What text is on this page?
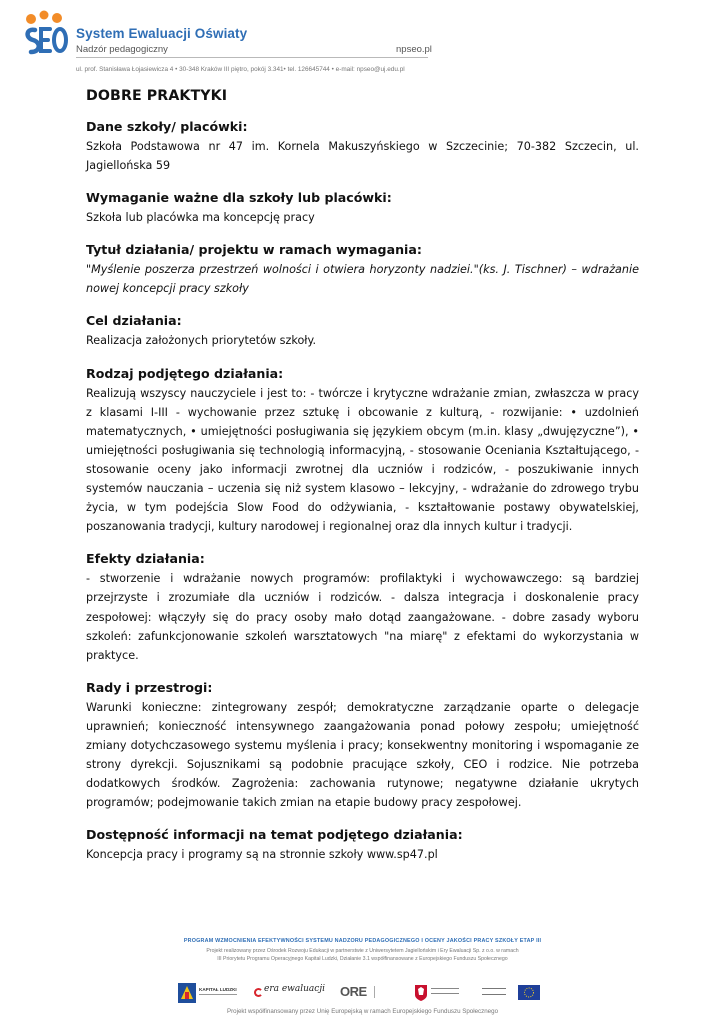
System Ewaluacji Oświaty
Nadzór pedagogiczny	npseo.pl
ul. prof. Stanisława Łojasiewicza 4 • 30-348 Kraków III piętro, pokój 3.341• tel. 126645744 • e-mail: npseo@uj.edu.pl
DOBRE PRAKTYKI
Dane szkoły/ placówki:
Szkoła Podstawowa nr 47 im. Kornela Makuszyńskiego w Szczecinie; 70-382 Szczecin, ul. Jagiellońska 59
Wymaganie ważne dla szkoły lub placówki:
Szkoła lub placówka ma koncepcję pracy
Tytuł działania/ projektu w ramach wymagania:
"Myślenie poszerza przestrzeń wolności i otwiera horyzonty nadziei."(ks. J. Tischner) – wdrażanie nowej koncepcji pracy szkoły
Cel działania:
Realizacja założonych priorytetów szkoły.
Rodzaj podjętego działania:
Realizują wszyscy nauczyciele i jest to: - twórcze i krytyczne wdrażanie zmian, zwłaszcza w pracy z klasami I-III - wychowanie przez sztukę i obcowanie z kulturą, - rozwijanie: • uzdolnień matematycznych, • umiejętności posługiwania się językiem obcym (m.in. klasy „dwujęzyczne”), • umiejętności posługiwania się technologią informacyjną, - stosowanie Oceniania Kształtującego, - stosowanie oceny jako informacji zwrotnej dla uczniów i rodziców, - poszukiwanie innych systemów nauczania – uczenia się niż system klasowo – lekcyjny, - wdrażanie do zdrowego trybu życia, w tym podejścia Slow Food do odżywiania, - kształtowanie postawy obywatelskiej, poszanowania tradycji, kultury narodowej i regionalnej oraz dla innych kultur i tradycji.
Efekty działania:
- stworzenie i wdrażanie nowych programów: profilaktyki i wychowawczego: są bardziej przejrzyste i zrozumiałe dla uczniów i rodziców. - dalsza integracja i doskonalenie pracy zespołowej: włączyły się do pracy osoby mało dotąd zaangażowane. - dobre zasady wyboru szkoleń: zafunkcjonowanie szkoleń warsztatowych "na miarę" z efektami do wykorzystania w praktyce.
Rady i przestrogi:
Warunki konieczne: zintegrowany zespół; demokratyczne zarządzanie oparte o delegacje uprawnień; konieczność intensywnego zaangażowania ponad połowy zespołu; umiejętność zmiany dotychczasowego systemu myślenia i pracy; konsekwentny monitoring i wspomaganie ze strony dyrekcji. Sojusznikami są podobnie pracujące szkoły, CEO i rodzice. Nie potrzeba dodatkowych środków. Zagrożenia: zachowania rutynowe; negatywne działanie ukrytych programów; podejmowanie takich zmian na etapie budowy pracy zespołowej.
Dostępność informacji na temat podjętego działania:
Koncepcja pracy i programy są na stronnie szkoły www.sp47.pl
PROGRAM WZMOCNIENIA EFEKTYWNOŚCI SYSTEMU NADZORU PEDAGOGICZNEGO I OCENY JAKOŚCI PRACY SZKOŁY ETAP III
Projekt realizowany przez Ośrodek Rozwoju Edukacji w partnerstwie z Uniwersytetem Jagiellońskim i Ery Ewaluacji Sp. z o.o. w ramach
III Priorytetu Programu Operacyjnego Kapitał Ludzki, Działanie 3.1 współfinansowane z Europejskiego Funduszu Społecznego
KAPITAŁ LUDZKI	era ewaluacji ORE
Projekt współfinansowany przez Unię Europejską w ramach Europejskiego Funduszu Społecznego
